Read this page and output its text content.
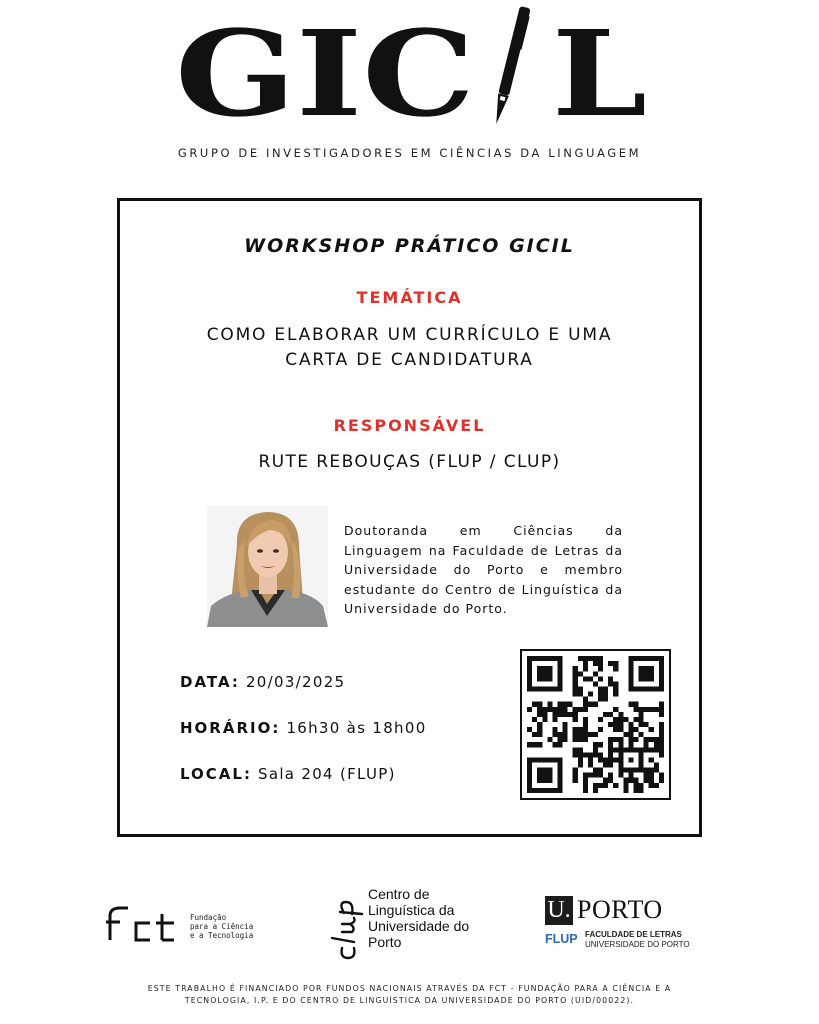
GIC L
GRUPO DE INVESTIGADORES EM CIÊNCIAS DA LINGUAGEM
WORKSHOP PRÁTICO GICIL
TEMÁTICA
COMO ELABORAR UM CURRÍCULO E UMA
CARTA DE CANDIDATURA
RESPONSÁVEL
RUTE REBOUÇAS (FLUP / CLUP)
Doutoranda em Ciências da Linguagem na Faculdade de Letras da Universidade do Porto e membro estudante do Centro de Linguística da Universidade do Porto.
DATA: 20/03/2025
HORÁRIO: 16h30 às 18h00
LOCAL: Sala 204 (FLUP)
Fundação
para a Ciência
e a Tecnologia
Centro de
Linguística da
Universidade do
Porto
U. PORTO
FLUP FACULDADE DE LETRAS
UNIVERSIDADE DO PORTO
ESTE TRABALHO É FINANCIADO POR FUNDOS NACIONAIS ATRAVÉS DA FCT - FUNDAÇÃO PARA A CIÊNCIA E A
TECNOLOGIA, I.P. E DO CENTRO DE LINGUÍSTICA DA UNIVERSIDADE DO PORTO (UID/00022).
